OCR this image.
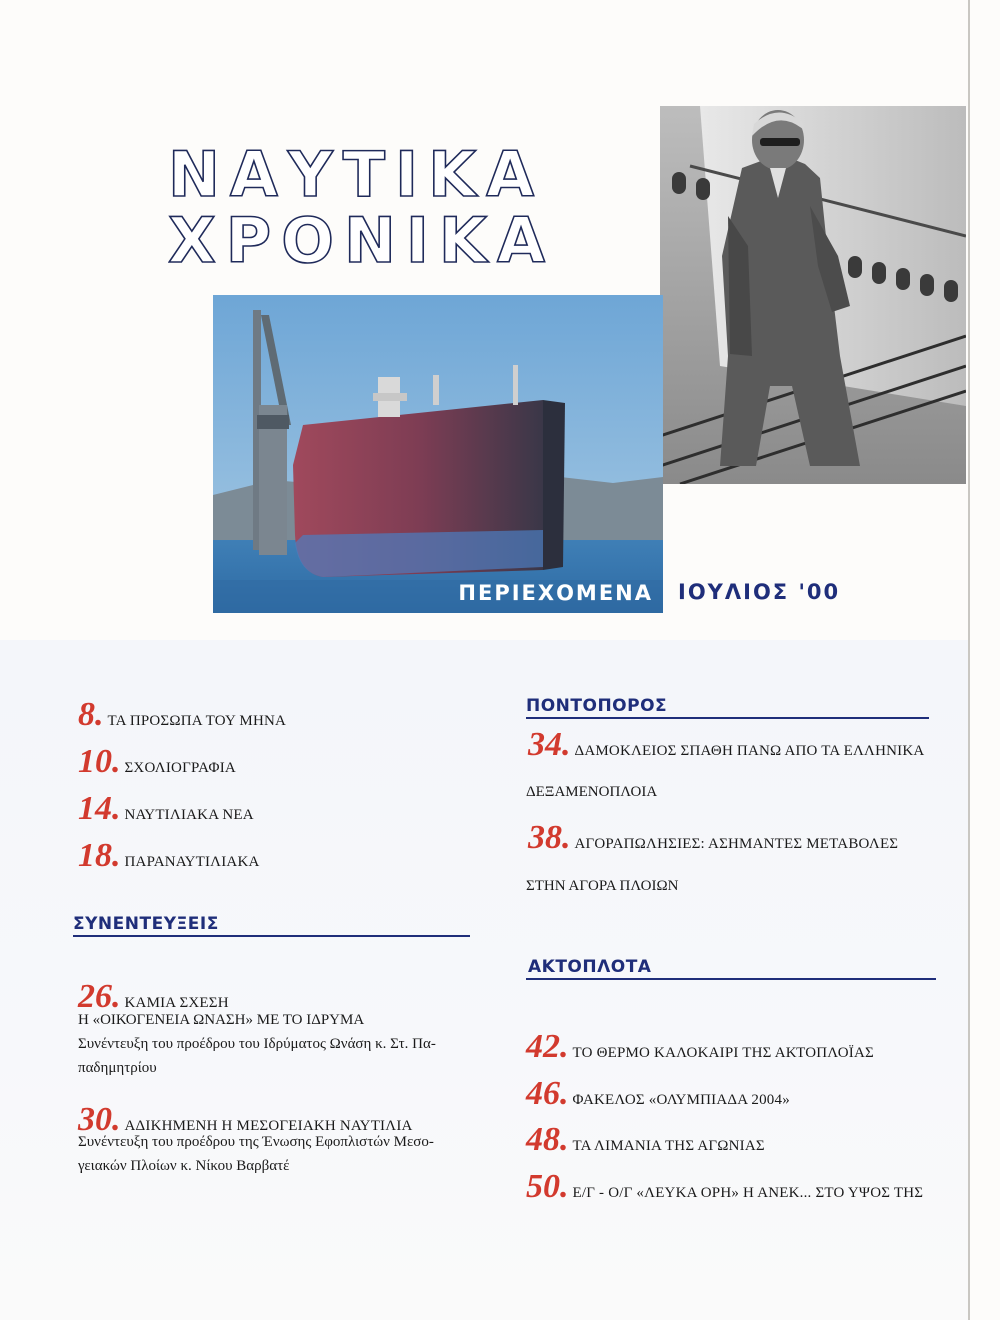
ΝΑΥΤΙΚΑ
ΧΡΟΝΙΚΑ
ΠΕΡΙΕΧΟΜΕΝΑ ΙΟΥΛΙΟΣ '00
8. ΤΑ ΠΡΟΣΩΠΑ ΤΟΥ ΜΗΝΑ
10. ΣΧΟΛΙΟΓΡΑΦΙΑ
14. ΝΑΥΤΙΛΙΑΚΑ ΝΕΑ
18. ΠΑΡΑΝΑΥΤΙΛΙΑΚΑ
ΣΥΝΕΝΤΕΥΞΕΙΣ
26. ΚΑΜΙΑ ΣΧΕΣΗ
Η «ΟΙΚΟΓΕΝΕΙΑ ΩΝΑΣΗ» ΜΕ ΤΟ ΙΔΡΥΜΑ
Συνέντευξη του προέδρου του Ιδρύματος Ωνάση κ. Στ. Πα-
παδημητρίου
30. ΑΔΙΚΗΜΕΝΗ Η ΜΕΣΟΓΕΙΑΚΗ ΝΑΥΤΙΛΙΑ
Συνέντευξη του προέδρου της Ένωσης Εφοπλιστών Μεσο-
γειακών Πλοίων κ. Νίκου Βαρβατέ
ΠΟΝΤΟΠΟΡΟΣ
34. ΔΑΜΟΚΛΕΙΟΣ ΣΠΑΘΗ ΠΑΝΩ ΑΠΟ ΤΑ ΕΛΛΗΝΙΚΑ
ΔΕΞΑΜΕΝΟΠΛΟΙΑ
38. ΑΓΟΡΑΠΩΛΗΣΙΕΣ: ΑΣΗΜΑΝΤΕΣ ΜΕΤΑΒΟΛΕΣ
ΣΤΗΝ ΑΓΟΡΑ ΠΛΟΙΩΝ
ΑΚΤΟΠΛΟΤΑ
42. ΤΟ ΘΕΡΜΟ ΚΑΛΟΚΑΙΡΙ ΤΗΣ ΑΚΤΟΠΛΟΪΑΣ
46. ΦΑΚΕΛΟΣ «ΟΛΥΜΠΙΑΔΑ 2004»
48. ΤΑ ΛΙΜΑΝΙΑ ΤΗΣ ΑΓΩΝΙΑΣ
50. Ε/Γ - Ο/Γ «ΛΕΥΚΑ ΟΡΗ» Η ΑΝΕΚ... ΣΤΟ ΥΨΟΣ ΤΗΣ
